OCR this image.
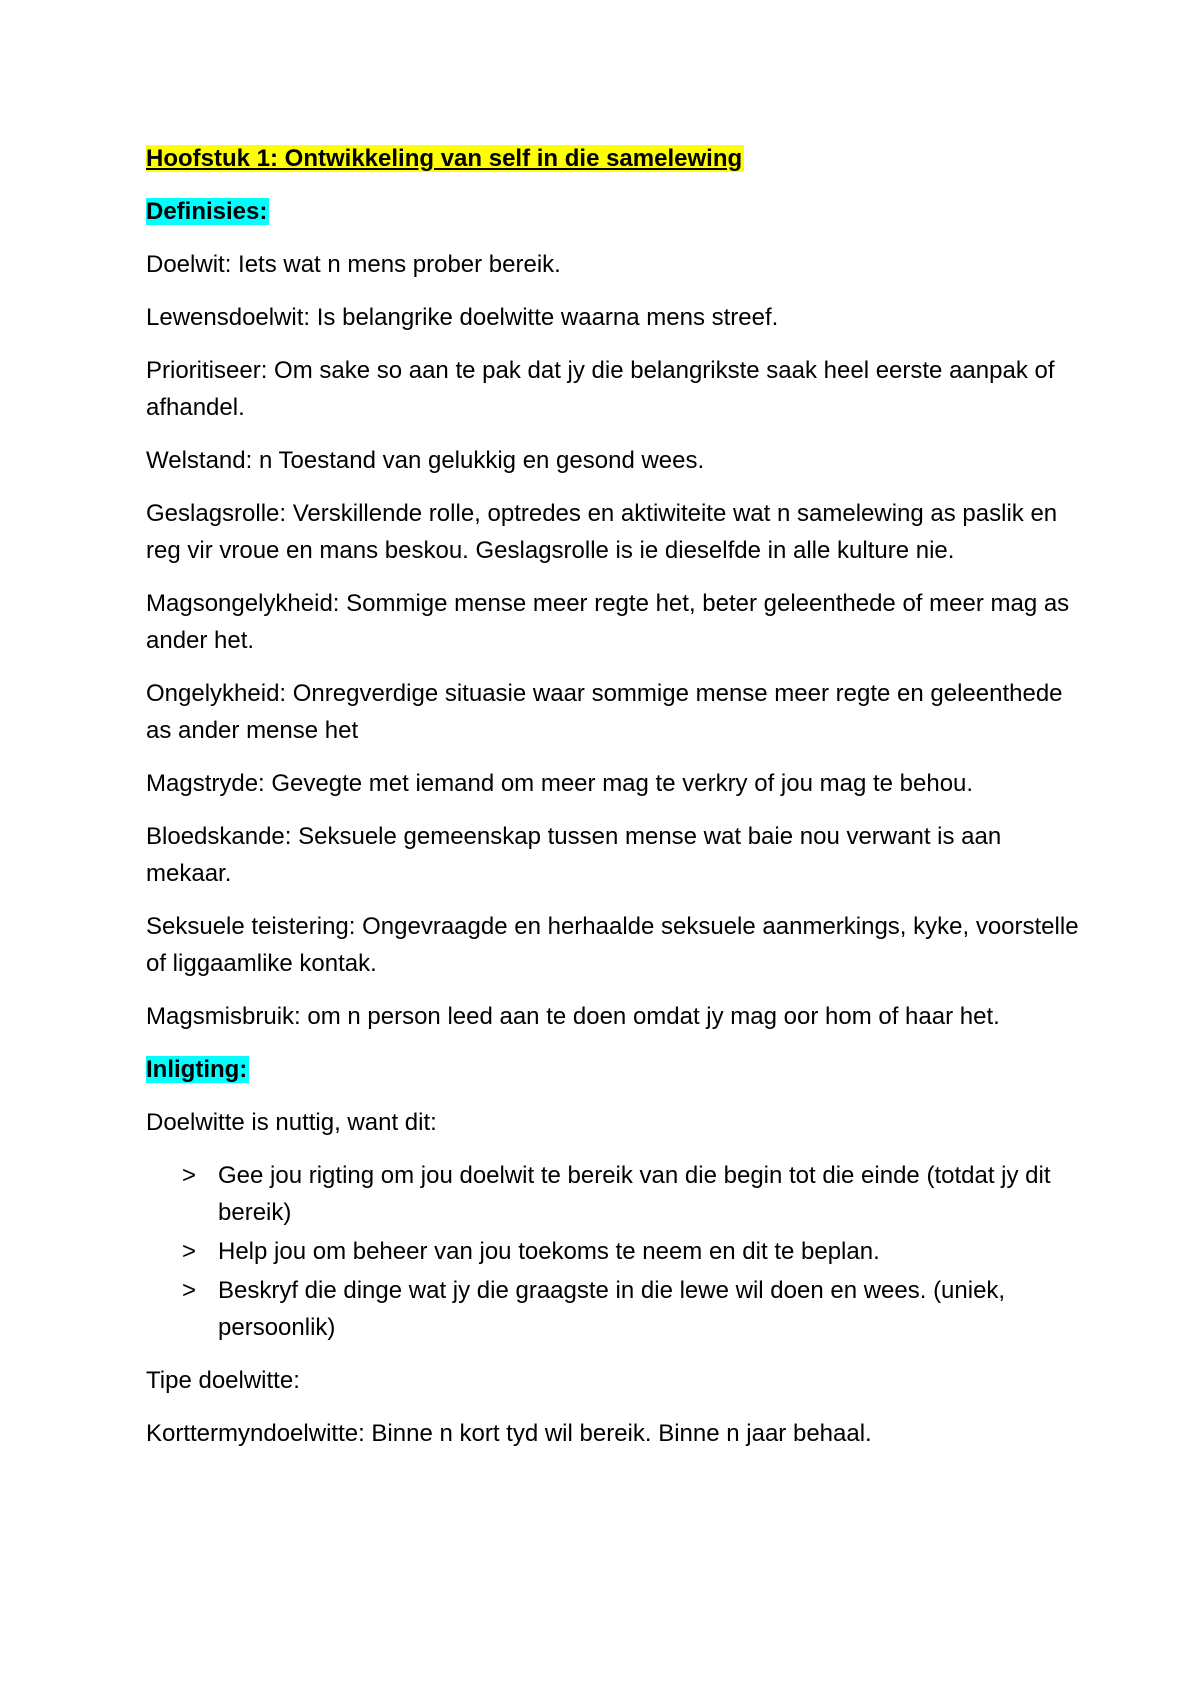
Hoofstuk 1: Ontwikkeling van self in die samelewing

Definisies:

Doelwit: Iets wat n mens prober bereik.

Lewensdoelwit: Is belangrike doelwitte waarna mens streef.

Prioritiseer: Om sake so aan te pak dat jy die belangrikste saak heel eerste aanpak of afhandel.

Welstand: n Toestand van gelukkig en gesond wees.

Geslagsrolle: Verskillende rolle, optredes en aktiwiteite wat n samelewing as paslik en reg vir vroue en mans beskou. Geslagsrolle is ie dieselfde in alle kulture nie.

Magsongelykheid: Sommige mense meer regte het, beter geleenthede of meer mag as ander het.

Ongelykheid: Onregverdige situasie waar sommige mense meer regte en geleenthede as ander mense het

Magstryde: Gevegte met iemand om meer mag te verkry of jou mag te behou.

Bloedskande: Seksuele gemeenskap tussen mense wat baie nou verwant is aan mekaar.

Seksuele teistering: Ongevraagde en herhaalde seksuele aanmerkings, kyke, voorstelle of liggaamlike kontak.

Magsmisbruik: om n person leed aan te doen omdat jy mag oor hom of haar het.

Inligting:

Doelwitte is nuttig, want dit:

> Gee jou rigting om jou doelwit te bereik van die begin tot die einde (totdat jy dit bereik)
> Help jou om beheer van jou toekoms te neem en dit te beplan.
> Beskryf die dinge wat jy die graagste in die lewe wil doen en wees. (uniek, persoonlik)

Tipe doelwitte:

Korttermyndoelwitte: Binne n kort tyd wil bereik. Binne n jaar behaal.
